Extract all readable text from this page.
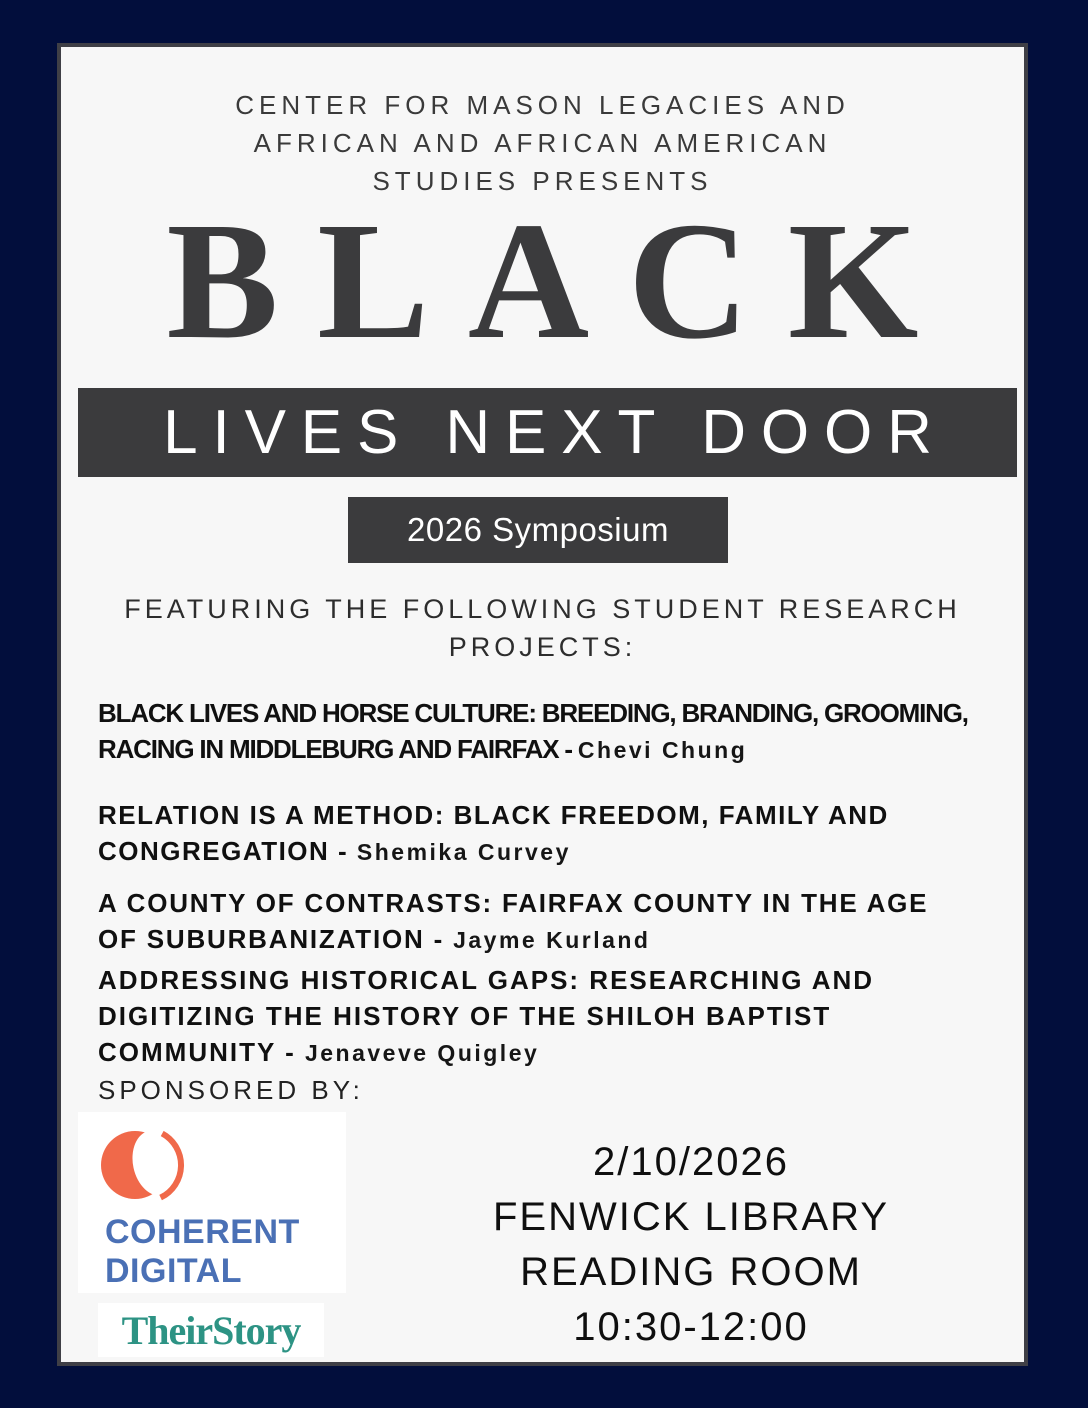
CENTER FOR MASON LEGACIES AND
AFRICAN AND AFRICAN AMERICAN
STUDIES PRESENTS
BLACK
LIVES NEXT DOOR
2026 Symposium
FEATURING THE FOLLOWING STUDENT RESEARCH
PROJECTS:
BLACK LIVES AND HORSE CULTURE: BREEDING, BRANDING, GROOMING, RACING IN MIDDLEBURG AND FAIRFAX - Chevi Chung
RELATION IS A METHOD: BLACK FREEDOM, FAMILY AND CONGREGATION - Shemika Curvey
A COUNTY OF CONTRASTS: FAIRFAX COUNTY IN THE AGE OF SUBURBANIZATION - Jayme Kurland
ADDRESSING HISTORICAL GAPS: RESEARCHING AND DIGITIZING THE HISTORY OF THE SHILOH BAPTIST COMMUNITY - Jenaveve Quigley
SPONSORED BY:
COHERENT
DIGITAL
TheirStory
2/10/2026
FENWICK LIBRARY
READING ROOM
10:30-12:00
